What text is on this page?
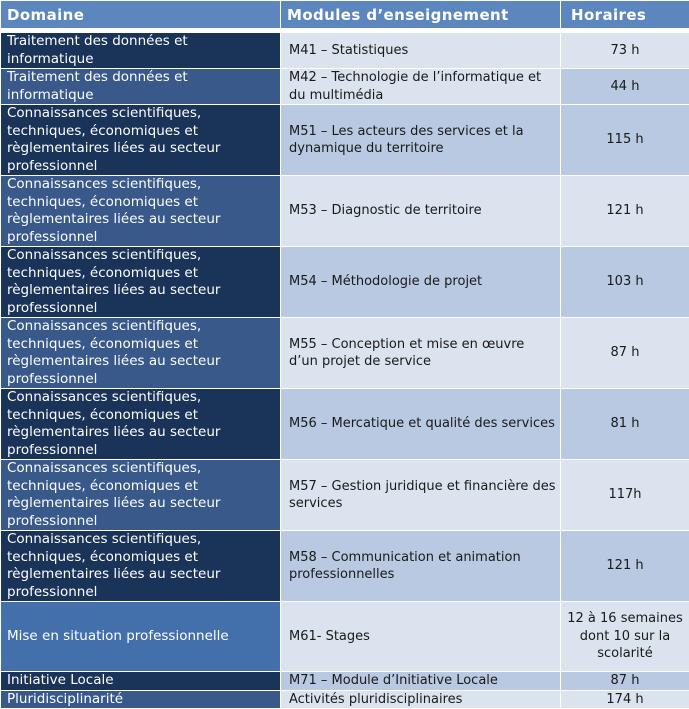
Domaine	Modules d’enseignement	Horaires

Traitement des données et informatique	M41 – Statistiques	73 h
Traitement des données et informatique	M42 – Technologie de l’informatique et du multimédia	44 h
Connaissances scientifiques, techniques, économiques et règlementaires liées au secteur professionnel	M51 – Les acteurs des services et la dynamique du territoire	115 h
Connaissances scientifiques, techniques, économiques et règlementaires liées au secteur professionnel	M53 – Diagnostic de territoire	121 h
Connaissances scientifiques, techniques, économiques et règlementaires liées au secteur professionnel	M54 – Méthodologie de projet	103 h
Connaissances scientifiques, techniques, économiques et règlementaires liées au secteur professionnel	M55 – Conception et mise en œuvre d’un projet de service	87 h
Connaissances scientifiques, techniques, économiques et règlementaires liées au secteur professionnel	M56 – Mercatique et qualité des services	81 h
Connaissances scientifiques, techniques, économiques et règlementaires liées au secteur professionnel	M57 – Gestion juridique et financière des services	117h
Connaissances scientifiques, techniques, économiques et règlementaires liées au secteur professionnel	M58 – Communication et animation professionnelles	121 h
Mise en situation professionnelle	M61- Stages	12 à 16 semaines dont 10 sur la scolarité
Initiative Locale	M71 – Module d’Initiative Locale	87 h
Pluridisciplinarité	Activités pluridisciplinaires	174 h
